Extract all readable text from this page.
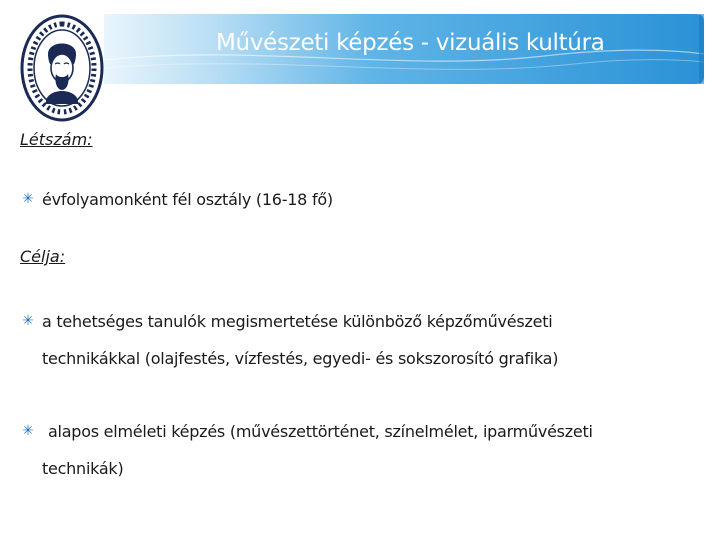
Művészeti képzés - vizuális kultúra
Létszám:
✳ évfolyamonként fél osztály (16-18 fő)
Célja:
✳ a tehetséges tanulók megismertetése különböző képzőművészeti
technikákkal (olajfestés, vízfestés, egyedi- és sokszorosító grafika)
✳ alapos elméleti képzés (művészettörténet, színelmélet, iparművészeti
technikák)
